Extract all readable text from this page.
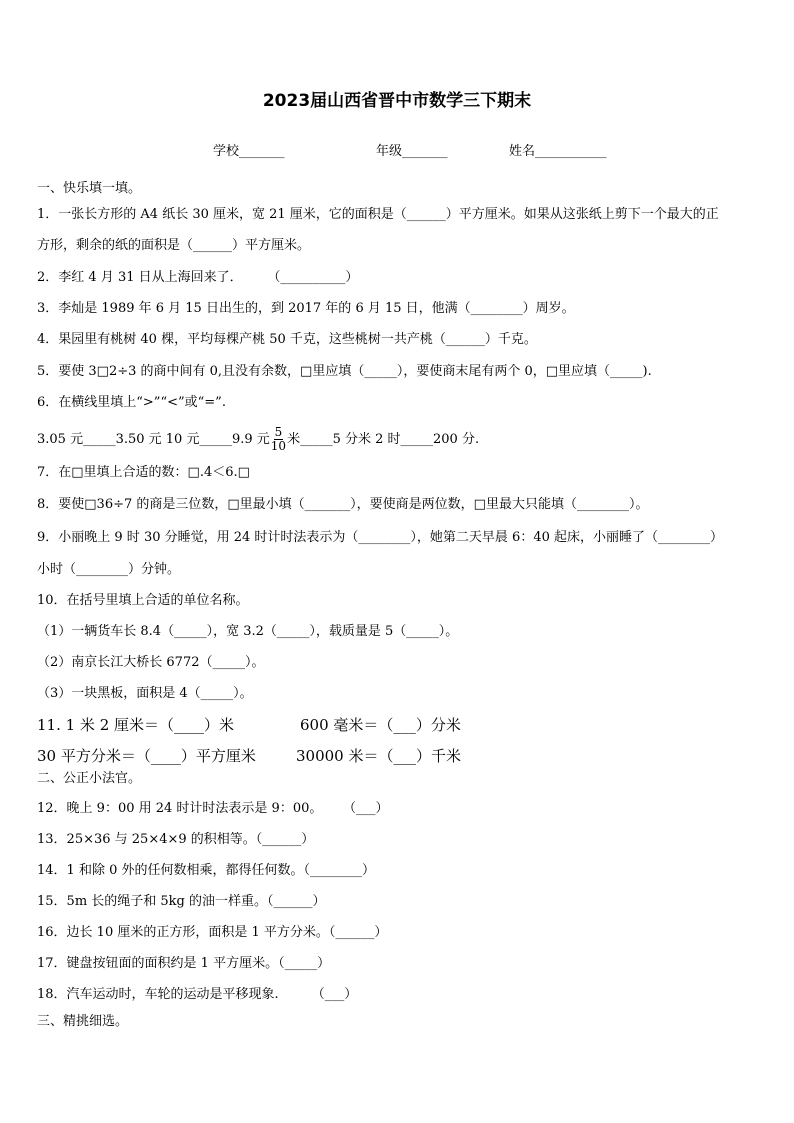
2023届山西省晋中市数学三下期末
学校_______	年级_______	姓名___________
一、快乐填一填。
1．一张长方形的 A4 纸长 30 厘米，宽 21 厘米，它的面积是（______）平方厘米。如果从这张纸上剪下一个最大的正
方形，剩余的纸的面积是（______）平方厘米。
2．李红 4 月 31 日从上海回来了．      （__________）
3．李灿是 1989 年 6 月 15 日出生的，到 2017 年的 6 月 15 日，他满（________）周岁。
4．果园里有桃树 40 棵，平均每棵产桃 50 千克，这些桃树一共产桃（______）千克。
5．要使 3□2÷3 的商中间有 0,且没有余数，□里应填（_____），要使商末尾有两个 0，□里应填（_____).
6．在横线里填上“>”“<”或“=”.
3.05 元_____3.50 元 10 元_____9.9 元 $\frac{5}{10}$ 米_____5 分米 2 时_____200 分.
7．在□里填上合适的数：□.4＜6.□
8．要使□36÷7 的商是三位数，□里最小填（_______），要使商是两位数，□里最大只能填（________）。
9．小丽晚上 9 时 30 分睡觉，用 24 时计时法表示为（________），她第二天早晨 6：40 起床，小丽睡了（________）
小时（________）分钟。
10．在括号里填上合适的单位名称。
（1）一辆货车长 8.4（_____），宽 3.2（_____），载质量是 5（_____）。
（2）南京长江大桥长 6772（_____）。
（3）一块黑板，面积是 4（_____）。
11. 1 米 2 厘米＝（____）米	600 毫米＝（___）分米
30 平方分米＝（____）平方厘米	30000 米＝（___）千米
二、公正小法官。
12．晚上 9：00 用 24 时计时法表示是 9：00。     （___）
13．25×36 与 25×4×9 的积相等。（______）
14．1 和除 0 外的任何数相乘，都得任何数。（________）
15．5m 长的绳子和 5kg 的油一样重。（______）
16．边长 10 厘米的正方形，面积是 1 平方分米。（______）
17．键盘按钮面的面积约是 1 平方厘米。（_____）
18．汽车运动时，车轮的运动是平移现象.        （___）
三、精挑细选。
